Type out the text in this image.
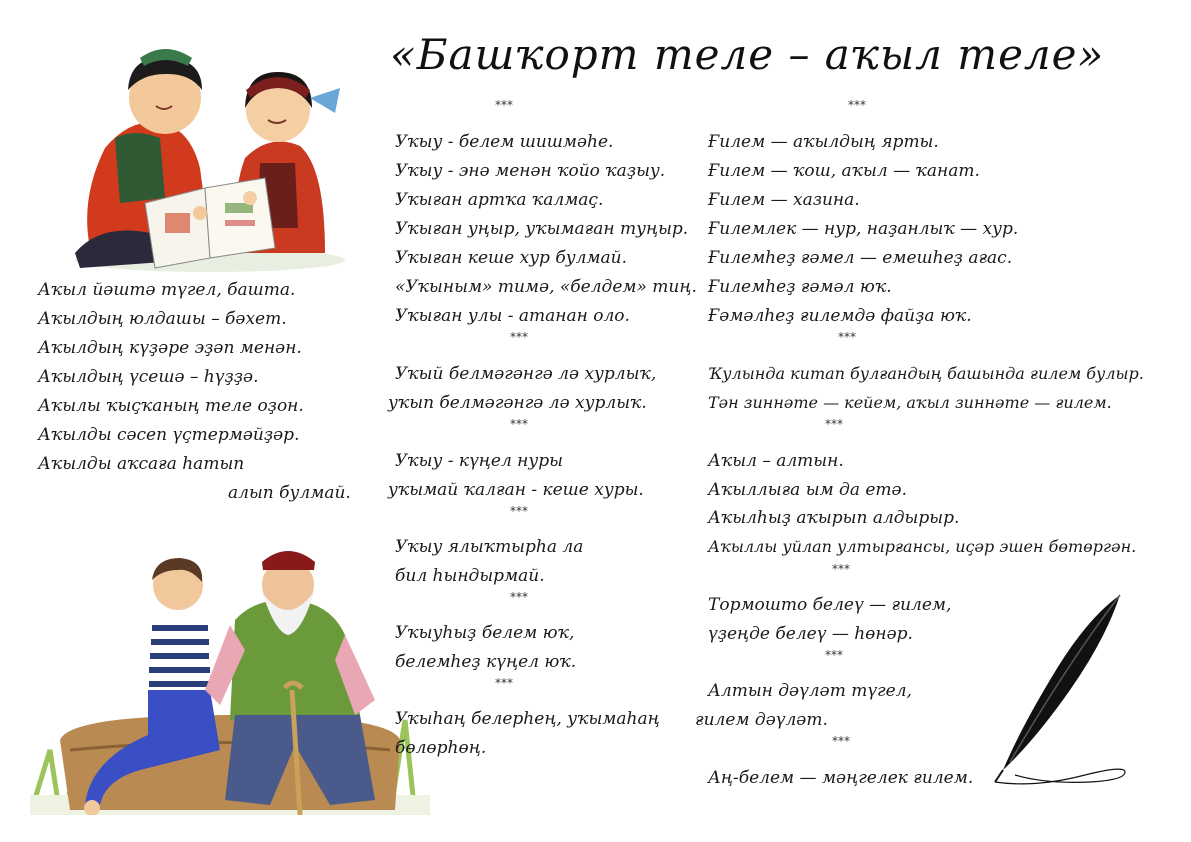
«Башҡорт теле – аҡыл теле»
Аҡыл йәштә түгел, башта.
Аҡылдың юлдашы – бәхет.
Аҡылдың күҙәре эҙәп менән.
Аҡылдың үсешә – һүҙҙә.
Аҡылы ҡыҫҡаның теле оҙон.
Аҡылды сәсеп үҫтермәйҙәр.
Аҡылды аҡсаға һатып
алып булмай.
***
Уҡыу - белем шишмәһе.
Уҡыу - энә менән ҡойо ҡаҙыу.
Уҡыған артҡа ҡалмаҫ.
Уҡыған уңыр, уҡымаған туңыр.
Уҡыған кеше хур булмай.
«Уҡыным» тимә, «белдем» тиң.
Уҡыған улы - атанан оло.
***
Уҡый белмәгәнгә лә хурлыҡ,
уҡып белмәгәнгә лә хурлыҡ.
***
Уҡыу - күңел нуры
уҡымай ҡалған - кеше хуры.
***
Уҡыу ялыҡтырһа ла
бил һындырмай.
***
Уҡыуһыҙ белем юҡ,
белемһеҙ күңел юҡ.
***
Уҡыһаң белерһең, уҡымаһаң
бөлөрһөң.
***
Ғилем — аҡылдың ярты.
Ғилем — ҡош, аҡыл — ҡанат.
Ғилем — хазина.
Ғилемлек — нур, наҙанлыҡ — хур.
Ғилемһеҙ ғәмел — емешһеҙ ағас.
Ғилемһеҙ ғәмәл юҡ.
Ғәмәлһеҙ ғилемдә файҙа юҡ.
***
Ҡулында китап булғандың башында ғилем булыр.
Тән зиннәте — кейем, аҡыл зиннәте — ғилем.
***
Аҡыл – алтын.
Аҡыллыға ым да етә.
Аҡылһыҙ аҡырып алдырыр.
Аҡыллы уйлап ултырғансы, иҫәр эшен бөтөргән.
***
Тормошто белеү — ғилем,
үҙеңде белеү — һөнәр.
***
Алтын дәүләт түгел,
ғилем дәүләт.
***
Аң-белем — мәңгелек ғилем.
